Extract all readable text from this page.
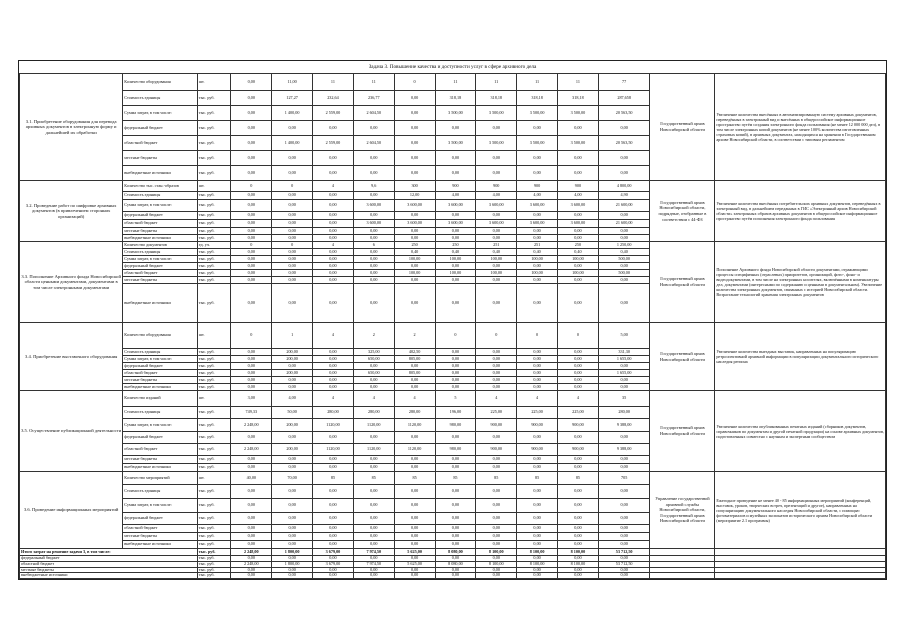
Задача 3. Повышение качества и доступности услуг в сфере архивного дела
3.1. Приобретение оборудования для перевода архивных документов в электронную форму и дальнейшей их обработки	Количество оборудования	шт.	0,00	11,00	11	11	0	11	11	11	11	77	Государственный архив Новосибирской области	Увеличение количества внесённых в автоматизированную систему архивных документов, переведённых в электронный вид и внесённых в общероссийское информационное пространство путём создания электронного фонда пользования (не менее 12 000 000 дел), в том числе электронных копий документов (не менее 100% количества изготовленных страховых копий), в архивных документах, находящихся на хранении в Государственном архиве Новосибирской области, в соответствии с типовым регламентом
	Стоимость единицы	тыс. руб.	0,00	127,27	232,64	236,77	0,00	318,18	318,18	318,18	318,18	287,658		
	Сумма затрат, в том числе:	тыс. руб.	0,00	1 400,00	2 559,00	2 604,50	0,00	3 500,00	3 500,00	3 500,00	3 500,00	20 563,50		
	федеральный бюджет	тыс. руб.	0,00	0,00	0,00	0,00	0,00	0,00	0,00	0,00	0,00	0,00		
	областной бюджет	тыс. руб.	0,00	1 400,00	2 559,00	2 604,50	0,00	3 500,00	3 500,00	3 500,00	3 500,00	20 563,50		
	местные бюджеты	тыс. руб.	0,00	0,00	0,00	0,00	0,00	0,00	0,00	0,00	0,00	0,00		
	внебюджетные источники	тыс. руб.	0,00	0,00	0,00	0,00	0,00	0,00	0,00	0,00	0,00	0,00		
3.2. Проведение работ по шифровке архивных документов (в привлечением сторонних организаций)	Количество тыс. стан.-образов	шт.	0	0	4	9,6	300	900	900	900	900	4 800,00	Государственный архив Новосибирской области, подрядные, отобранные в соответствии с 44-ФЗ	Увеличение количества внесённых потребительских архивных документов, переведённых в электронный вид, в дальнейшем переданных в ГИС «Электронный архив Новосибирской области» электронных образов архивных документов в общероссийское информационное пространство путём пополнения электронного фонда пользования
	Стоимость единицы	тыс. руб.	0,00	0,00	0,00	0,00	12,00	4,00	4,00	4,00	4,00	4,90		
	Сумма затрат, в том числе:	тыс. руб.	0,00	0,00	0,00	3 600,00	3 600,00	3 600,00	3 600,00	3 600,00	3 600,00	21 600,00		
	федеральный бюджет	тыс. руб.	0,00	0,00	0,00	0,00	0,00	0,00	0,00	0,00	0,00	0,00		
	областной бюджет	тыс. руб.	0,00	0,00	0,00	3 600,00	3 600,00	3 600,00	3 600,00	3 600,00	3 600,00	21 600,00		
	местные бюджеты	тыс. руб.	0,00	0,00	0,00	0,00	0,00	0,00	0,00	0,00	0,00	0,00		
	внебюджетные источники	тыс. руб.	0,00	0,00	0,00	0,00	0,00	0,00	0,00	0,00	0,00	0,00		
3.3. Пополнение Архивного фонда Новосибирской области ценными документами, документами в том числе электронными документами	Количество документов	ед. уч.	0	0	4	6	250	250	251	251	250	1 250,00	Государственный архив Новосибирской области	Пополнение Архивного фонда Новосибирской области документами, отражающими процессы специфичных (отраслевых) приоритетов, организаций, фото-, фоно- и видеодокументами, в том числе на электронных носителях, включёнными в номенклатуры дел, документами (интересными по содержанию и ценными в документальном). Увеличение количества электронных документов, связанных с историей Новосибирской области. Возрастание технологий хранения электронных документов
	Стоимость единицы	тыс. руб.	0,00	0,00	0,00	0,00	0,40	0,40	0,40	0,40	0,40	0,40		
	Сумма затрат, в том числе:	тыс. руб.	0,00	0,00	0,00	0,00	100,00	100,00	100,00	100,00	100,00	500,00		
	федеральный бюджет	тыс. руб.	0,00	0,00	0,00	0,00	0,00	0,00	0,00	0,00	0,00	0,00		
	областной бюджет	тыс. руб.	0,00	0,00	0,00	0,00	100,00	100,00	100,00	100,00	100,00	500,00		
	местные бюджеты	тыс. руб.	0,00	0,00	0,00	0,00	0,00	0,00	0,00	0,00	0,00	0,00		
	внебюджетные источники	тыс. руб.	0,00	0,00	0,00	0,00	0,00	0,00	0,00	0,00	0,00	0,00		
3.4. Приобретение выставочного оборудования	Количество оборудования	шт.	0	1	4	2	2	0	0	0	0	5,00	Государственный архив Новосибирской области	Увеличение количества выездных выставок, направленных на популяризацию ретроспективной архивной информации в популяризации документального исторического наследия региона
	Стоимость единицы	тыс. руб.	0,00	200,00	0,00	325,00	402,50	0,00	0,00	0,00	0,00	331,30		
	Сумма затрат, в том числе:	тыс. руб.	0,00	200,00	0,00	650,00	805,00	0,00	0,00	0,00	0,00	1 655,00		
	федеральный бюджет	тыс. руб.	0,00	0,00	0,00	0,00	0,00	0,00	0,00	0,00	0,00	0,00		
	областной бюджет	тыс. руб.	0,00	200,00	0,00	650,00	805,00	0,00	0,00	0,00	0,00	1 655,00		
	местные бюджеты	тыс. руб.	0,00	0,00	0,00	0,00	0,00	0,00	0,00	0,00	0,00	0,00		
	внебюджетные источники	тыс. руб.	0,00	0,00	0,00	0,00	0,00	0,00	0,00	0,00	0,00	0,00		
3.5. Осуществление публикационной деятельности	Количество изданий	шт.	3,00	4,00	4	4	4	5	4	4	4	35	Государственный архив Новосибирской области	Увеличение количества опубликованных печатных изданий (сборников документов, справочников по документам и другой печатной продукции) на основе архивных документов, подготовленных совместно с научным и экспертным сообществом
	Стоимость единицы	тыс. руб.	749,33	50,00	280,00	280,00	280,00	196,00	225,00	225,00	225,00	280,00		
	Сумма затрат, в том числе:	тыс. руб.	2 248,00	200,00	1120,00	1120,00	1120,00	980,00	900,00	900,00	900,00	9 388,00		
	федеральный бюджет	тыс. руб.	0,00	0,00	0,00	0,00	0,00	0,00	0,00	0,00	0,00	0,00		
	областной бюджет	тыс. руб.	2 248,00	200,00	1120,00	1120,00	1120,00	980,00	900,00	900,00	900,00	9 388,00		
	местные бюджеты	тыс. руб.	0,00	0,00	0,00	0,00	0,00	0,00	0,00	0,00	0,00	0,00		
	внебюджетные источники	тыс. руб.	0,00	0,00	0,00	0,00	0,00	0,00	0,00	0,00	0,00	0,00		
3.6. Проведение информационных мероприятий	Количество мероприятий	шт.	40,00	70,00	85	85	85	85	85	85	85	705	Управление государственной архивной службы Новосибирской области, Государственный архив Новосибирской области	Ежегодное проведение не менее 40 - 85 информационных мероприятий (конференций, выставок, уроков, творческих встреч, презентаций и другое), направленных на популяризацию документального наследия Новосибирской области, с помощью фотоматериалов и музейных экспонатов исторического архива Новосибирской области (мероприятие 2.1 программы)
	Стоимость единицы	тыс. руб.	0,00	0,00	0,00	0,00	0,00	0,00	0,00	0,00	0,00	0,00		
	Сумма затрат, в том числе:	тыс. руб.	0,00	0,00	0,00	0,00	0,00	0,00	0,00	0,00	0,00	0,00		
	федеральный бюджет	тыс. руб.	0,00	0,00	0,00	0,00	0,00	0,00	0,00	0,00	0,00	0,00		
	областной бюджет	тыс. руб.	0,00	0,00	0,00	0,00	0,00	0,00	0,00	0,00	0,00	0,00		
	местные бюджеты	тыс. руб.	0,00	0,00	0,00	0,00	0,00	0,00	0,00	0,00	0,00	0,00		
	внебюджетные источники	тыс. руб.	0,00	0,00	0,00	0,00	0,00	0,00	0,00	0,00	0,00	0,00		
Итого затрат на решение задачи 3, в том числе:		тыс. руб.	2 248,00	1 800,00	3 679,00	7 974,50	5 625,00	8 080,00	8 100,00	8 100,00	8 100,00	53 712,50		
федеральный бюджет		тыс. руб.	0,00	0,00	0,00	0,00	0,00	0,00	0,00	0,00	0,00	0,00		
областной бюджет		тыс. руб.	2 248,00	1 800,00	3 679,00	7 974,50	5 625,00	8 080,00	8 100,00	8 100,00	8 100,00	53 712,50		
местные бюджеты		тыс. руб.	0,00	0,00	0,00	0,00	0,00	0,00	0,00	0,00	0,00	0,00		
внебюджетные источники		тыс. руб.	0,00	0,00	0,00	0,00	0,00	0,00	0,00	0,00	0,00	0,00		
